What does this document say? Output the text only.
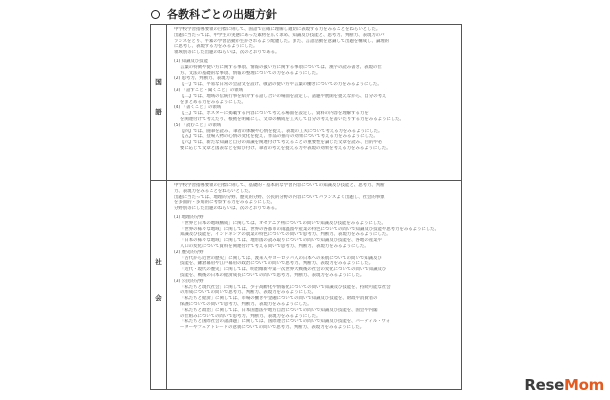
各教科ごとの出題方針
国
語
中学校学習指導要領の目標に則して、国語で正確に理解し適切に表現する力をみることをねらいとした。
出題に当たっては、中学生の実態にあった素材を広く求め、知識及び技能と、思考力、判断力、表現力のバ
ランスをとり、平素の学習活動が生かされるよう配慮した。また、言語活動を意識して出題を構成し、論理的
に思考し、表現する力をみるようにした。
領域別等にした出題のねらいは、次のとおりである。
(1) 知識及び技能
言葉の特徴や使い方に関する事項、情報の扱い方に関する事項については、漢字の読み書き、表現の仕
方、文法の基礎的な事項、情報の整理についての力をみるようにした。
(2) 思考力、判断力、表現力等
【一】では、平易な日常の会話文を設け、敬語の使い方や言葉の働きについての力をみるようにした。
(3) 「話すこと・聞くこと」の領域
【二】では、地域の伝統行事を紹介する話し合いの場面を設定し、話題や展開を捉えながら、自分の考え
をまとめる力をみるようにした。
(4) 「書くこと」の領域
【三】では、ポスターに掲載する内容について考える場面を設定し、資料の内容を理解する力を
を関連付けて考えたり、根拠を明確にし、文章の構成を工夫して自分の考えを書いたりする力をみるようにした。
(5) 「読むこと」の領域
【四】では、随筆を読み、筆者の体験や心情を捉え、表現の工夫について考える力をみるようにした。
【五】では、登場人物の心情の変化を捉え、作品の描写の効果について考える力をみるようにした。
【六】では、新たな知識と自分の知識を関連付けて考えることの重要性を論じた文章を読み、目的や必
要に応じて文章と図表などを結び付け、筆者の考えを捉える力や表現の効果を考える力をみるようにした。
社
会
中学校学習指導要領の目標に則して、基礎的・基本的な学習内容についての知識及び技能と、思考力、判断
力、表現力をみることをねらいとした。
出題に当たっては、地理的分野、歴史的分野、公民的分野の内容についてバランスよく出題し、社会的事象
を多面的・多角的に考察する力をみるようにした。
分野別等にした出題のねらいは、次のとおりである。
(1) 地理的分野
「世界と日本の地域構成」に関しては、オセアニア州についての問いで知識及び技能をみるようにした。
「世界の様々な地域」に関しては、世界の各都市の雨温図や産業の特色についての問いで知識及び技能や思考力をみるようにした。
知識及び技能を、インドネシアの農業の特色についての問いで思考力、判断力、表現力をみるようにした。
「日本の様々な地域」に関しては、地形図の読み取りについての問いで知識及び技能を、各地の産業や
人口の変化について資料を関連付けて考える問いで思考力、判断力、表現力をみるようにした。
(2) 歴史的分野
「古代から近世の歴史」に関しては、渡来人やヨーロッパ人の日本への来航についての問いで知識及び
技能を、鎌倉幕府や江戸幕府の政治についての問いで思考力、判断力、表現力をみるようにした。
「近代・現代の歴史」に関しては、明治維新や第一次世界大戦後の社会の変化についての問いで知識及び
技能を、戦後の日本の経済成長についての問いで思考力、判断力、表現力をみるようにした。
(3) 公民的分野
「私たちと現代社会」に関しては、少子高齢化や情報化についての問いで知識及び技能を、持続可能な社会
の形成についての問いで思考力、判断力、表現力をみるようにした。
「私たちと経済」に関しては、市場の働きや金融についての問いで知識及び技能を、財政や消費者の
保護についての問いで思考力、判断力、表現力をみるようにした。
「私たちと政治」に関しては、日本国憲法や地方自治についての問いで知識及び技能を、国会や内閣
の仕組みについての問いで思考力、判断力、表現力をみるようにした。
「私たちと国際社会の諸課題」に関しては、国際連合についての問いで知識及び技能を、パーティル・ウォ
ーターやフェアトレードの意義についての問いで思考力、判断力、表現力をみるようにした。
Rese Mom
